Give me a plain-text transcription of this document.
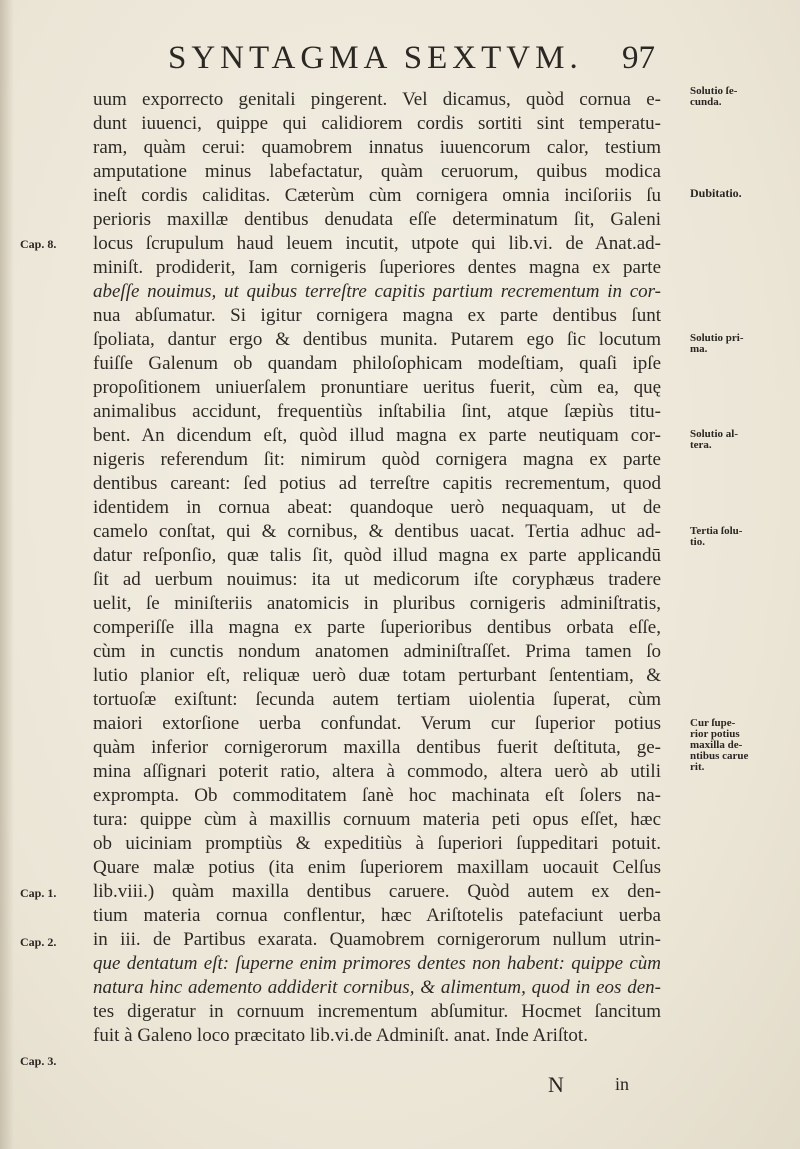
SYNTAGMA SEXTVM. 97
uum exporrecto genitali pingerent. Vel dicamus, quòd cornua e-
dunt iuuenci, quippe qui calidiorem cordis sortiti sint temperatu-
ram, quàm cerui: quamobrem innatus iuuencorum calor, testium
amputatione minus labefactatur, quàm ceruorum, quibus modica
ineſt cordis caliditas. Cæterùm cùm cornigera omnia inciſoriis ſu
perioris maxillæ dentibus denudata eſſe determinatum ſit, Galeni
locus ſcrupulum haud leuem incutit, utpote qui lib.vi. de Anat.ad-
miniſt. prodiderit, Iam cornigeris ſuperiores dentes magna ex parte
abeſſe nouimus, ut quibus terreſtre capitis partium recrementum in cor-
nua abſumatur. Si igitur cornigera magna ex parte dentibus ſunt
ſpoliata, dantur ergo & dentibus munita. Putarem ego ſic locutum
fuiſſe Galenum ob quandam philoſophicam modeſtiam, quaſi ipſe
propoſitionem uniuerſalem pronuntiare ueritus fuerit, cùm ea, quę
animalibus accidunt, frequentiùs inſtabilia ſint, atque ſæpiùs titu-
bent. An dicendum eſt, quòd illud magna ex parte neutiquam cor-
nigeris referendum ſit: nimirum quòd cornigera magna ex parte
dentibus careant: ſed potius ad terreſtre capitis recrementum, quod
identidem in cornua abeat: quandoque uerò nequaquam, ut de
camelo conſtat, qui & cornibus, & dentibus uacat. Tertia adhuc ad-
datur reſponſio, quæ talis ſit, quòd illud magna ex parte applicandū
ſit ad uerbum nouimus: ita ut medicorum iſte coryphæus tradere
uelit, ſe miniſteriis anatomicis in pluribus cornigeris adminiſtratis,
comperiſſe illa magna ex parte ſuperioribus dentibus orbata eſſe,
cùm in cunctis nondum anatomen adminiſtraſſet. Prima tamen ſo
lutio planior eſt, reliquæ uerò duæ totam perturbant ſententiam, &
tortuoſæ exiſtunt: ſecunda autem tertiam uiolentia ſuperat, cùm
maiori extorſione uerba confundat. Verum cur ſuperior potius
quàm inferior cornigerorum maxilla dentibus fuerit deſtituta, ge-
mina aſſignari poterit ratio, altera à commodo, altera uerò ab utili
exprompta. Ob commoditatem ſanè hoc machinata eſt ſolers na-
tura: quippe cùm à maxillis cornuum materia peti opus eſſet, hæc
ob uiciniam promptiùs & expeditiùs à ſuperiori ſuppeditari potuit.
Quare malæ potius (ita enim ſuperiorem maxillam uocauit Celſus
lib.viii.) quàm maxilla dentibus caruere. Quòd autem ex den-
tium materia cornua conflentur, hæc Ariſtotelis patefaciunt uerba
in iii. de Partibus exarata. Quamobrem cornigerorum nullum utrin-
que dentatum eſt: ſuperne enim primores dentes non habent: quippe cùm
natura hinc ademento addiderit cornibus, & alimentum, quod in eos den-
tes digeratur in cornuum incrementum abſumitur. Hocmet ſancitum
fuit à Galeno loco præcitato lib.vi.de Adminiſt. anat. Inde Ariſtot.
Solutio ſe-
cunda.
Dubitatio.
Solutio pri-
ma.
Solutio al-
tera.
Tertia ſolu-
tio.
Cur ſupe-
rior potius
maxilla de-
ntibus carue
rit.
Cap. 8.
Cap. 1.
Cap. 2.
Cap. 3.
N	in
